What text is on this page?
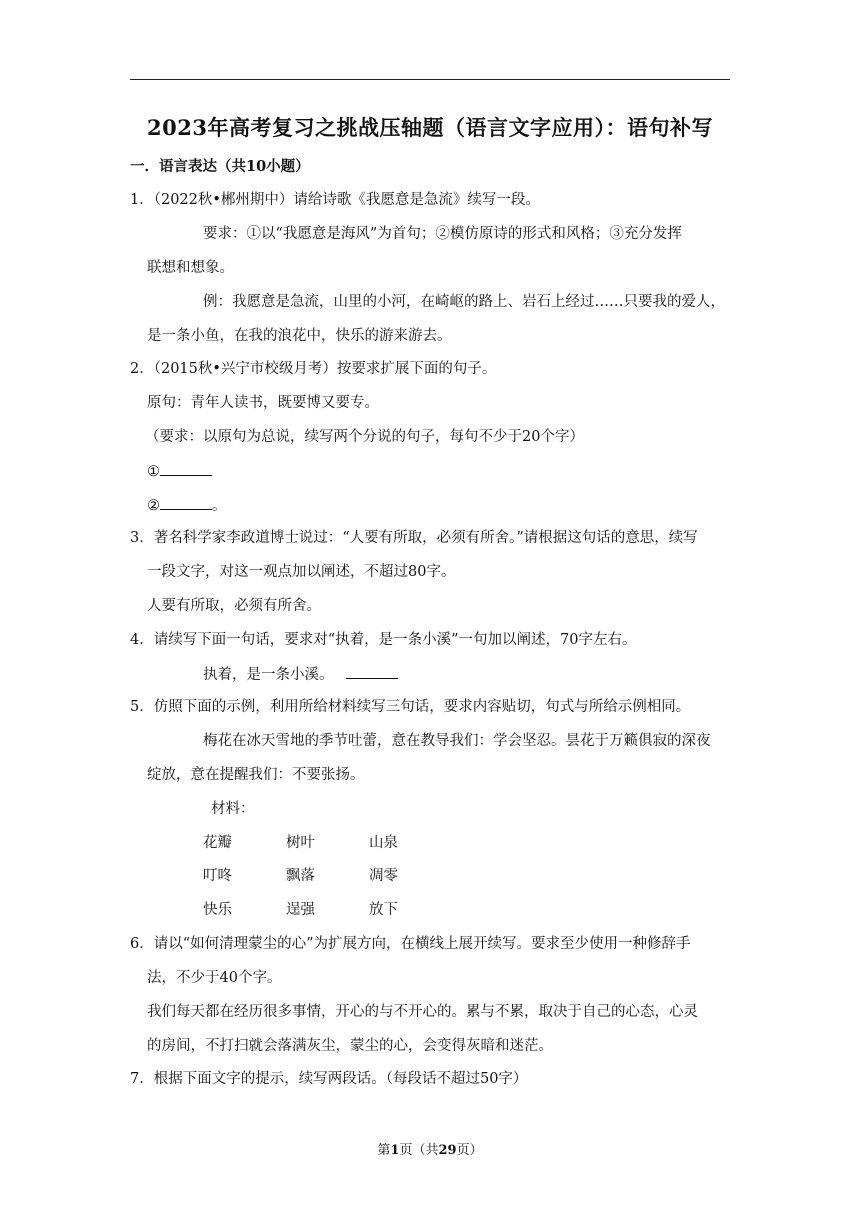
2023年高考复习之挑战压轴题（语言文字应用）：语句补写
一．语言表达（共10小题）
1．（2022秋•郴州期中）请给诗歌《我愿意是急流》续写一段。
要求：①以“我愿意是海风”为首句；②模仿原诗的形式和风格；③充分发挥
联想和想象。
例：我愿意是急流，山里的小河，在崎岖的路上、岩石上经过……只要我的爱人，
是一条小鱼，在我的浪花中，快乐的游来游去。
2．（2015秋•兴宁市校级月考）按要求扩展下面的句子。
原句：青年人读书，既要博又要专。
（要求：以原句为总说，续写两个分说的句子，每句不少于20个字）
①
②	。
3．著名科学家李政道博士说过：“人要有所取，必须有所舍。”请根据这句话的意思，续写
一段文字，对这一观点加以阐述，不超过80字。
人要有所取，必须有所舍。
4．请续写下面一句话，要求对“执着，是一条小溪”一句加以阐述，70字左右。
执着，是一条小溪。
5．仿照下面的示例，利用所给材料续写三句话，要求内容贴切，句式与所给示例相同。
梅花在冰天雪地的季节吐蕾，意在教导我们：学会坚忍。昙花于万籁俱寂的深夜
绽放，意在提醒我们：不要张扬。
材料：
花瓣	树叶	山泉
叮咚	飘落	凋零
快乐	逞强	放下
6．请以“如何清理蒙尘的心”为扩展方向，在横线上展开续写。要求至少使用一种修辞手
法，不少于40个字。
我们每天都在经历很多事情，开心的与不开心的。累与不累，取决于自己的心态，心灵
的房间，不打扫就会落满灰尘，蒙尘的心，会变得灰暗和迷茫。
7．根据下面文字的提示，续写两段话。（每段话不超过50字）
第1页（共29页）
